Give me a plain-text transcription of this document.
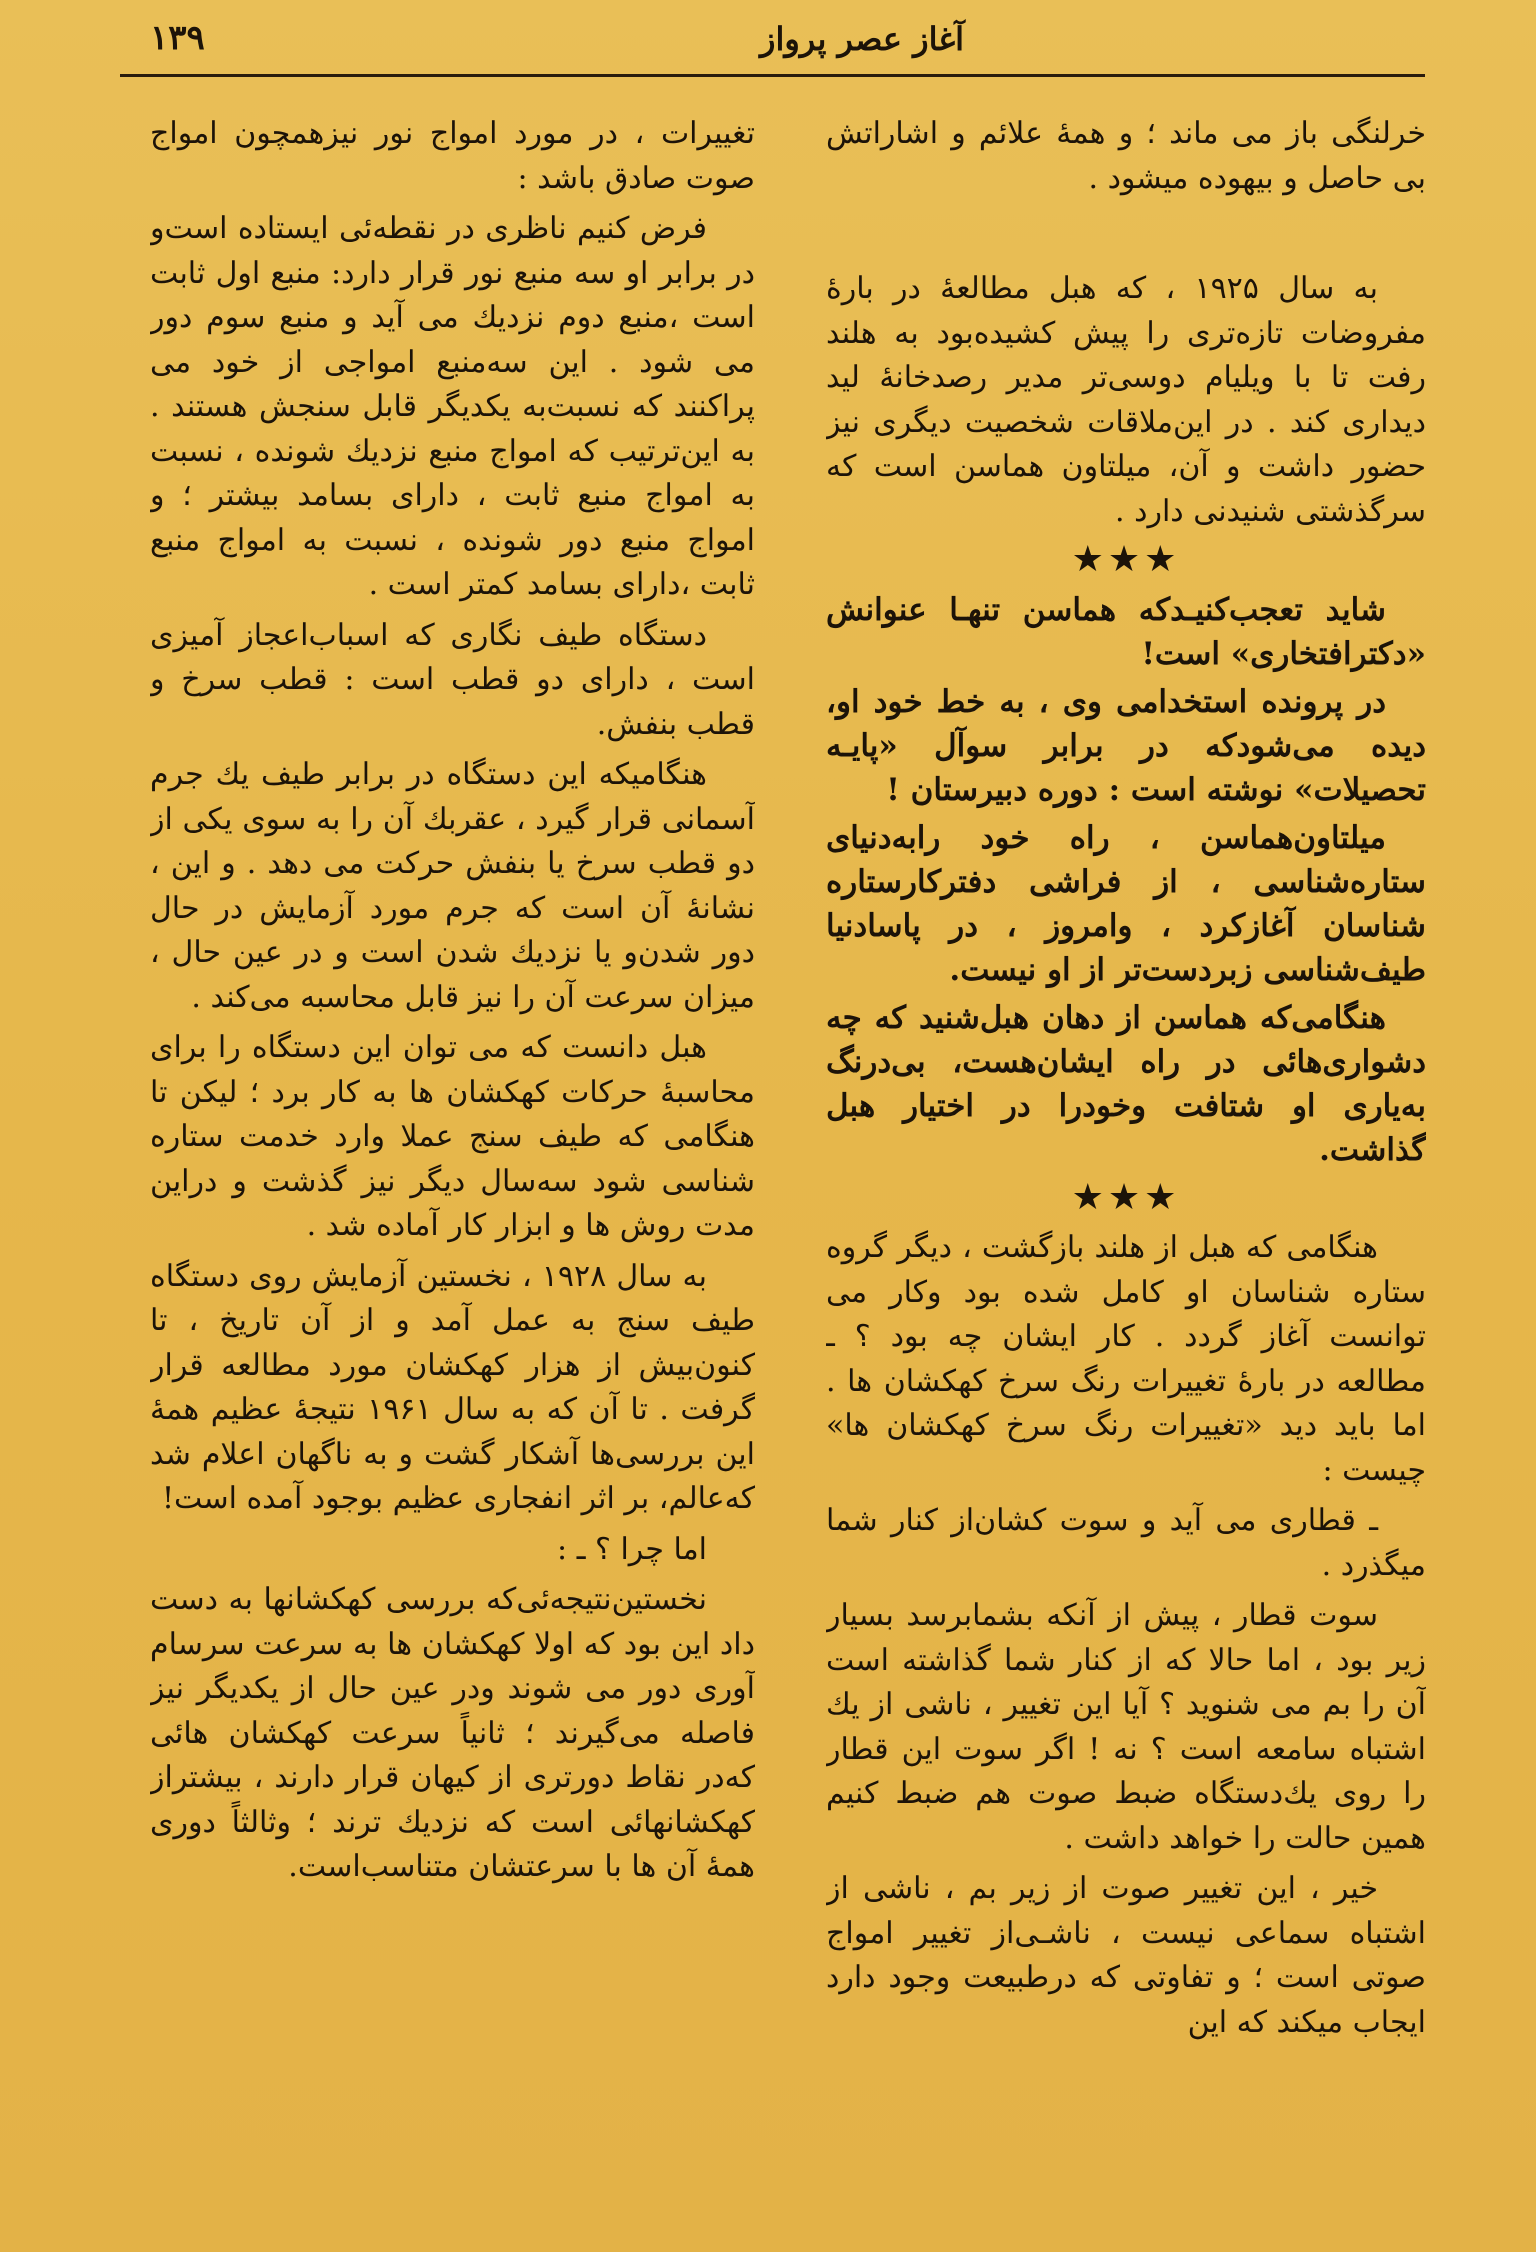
۱۳۹	آغاز عصر پرواز

خرلنگی باز می ماند ؛ و همهٔ علائم و اشاراتش بی حاصل و بیهوده میشود .

به سال ۱۹۲۵ ، که هبل مطالعهٔ در بارهٔ مفروضات تازه‌تری را پیش کشیده‌بود به هلند رفت تا با ویلیام دوسی‌تر مدیر رصدخانهٔ لید دیداری کند . در این‌ملاقات شخصیت دیگری نیز حضور داشت و آن، میلتاون هماسن است که سرگذشتی شنیدنی دارد .

★★★

شاید تعجب‌کنیـدکه هماسن تنهـا عنوانش «دکترافتخاری» است!

در پرونده استخدامی وی ، به خط خود او، دیده می‌شودکه در برابر سوآل «پایـه تحصیلات» نوشته است : دوره دبیرستان !

میلتاون‌هماسن ، راه خود رابه‌دنیای ستاره‌شناسی ، از فراشی دفترکارستاره شناسان آغازکرد ، وامروز ، در پاسادنیا طیف‌شناسی زبردست‌تر از او نیست.

هنگامی‌که هماسن از دهان هبل‌شنید که چه دشواری‌هائی در راه ایشان‌هست، بی‌درنگ به‌یاری او شتافت وخودرا در اختیار هبل گذاشت.

★★★

هنگامی که هبل از هلند بازگشت ، دیگر گروه ستاره شناسان او کامل شده بود وکار می توانست آغاز گردد . کار ایشان چه بود ؟ ـ مطالعه در بارهٔ تغییرات رنگ سرخ کهکشان ها . اما باید دید «تغییرات رنگ سرخ کهکشان ها» چیست :

ـ قطاری می آید و سوت کشان‌از کنار شما میگذرد .

سوت قطار ، پیش از آنکه بشمابرسد بسیار زیر بود ، اما حالا که از کنار شما گذاشته است آن را بم می شنوید ؟ آیا این تغییر ، ناشی از یك اشتباه سامعه است ؟ نه ! اگر سوت این قطار را روی یك‌دستگاه ضبط صوت هم ضبط کنیم همین حالت را خواهد داشت .

خیر ، این تغییر صوت از زیر بم ، ناشی از اشتباه سماعی نیست ، ناشـی‌از تغییر امواج صوتی است ؛ و تفاوتی که درطبیعت وجود دارد ایجاب میکند که این

تغییرات ، در مورد امواج نور نیزهمچون امواج صوت صادق باشد :

فرض کنیم ناظری در نقطه‌ئی ایستاده است‌و در برابر او سه منبع نور قرار دارد: منبع اول ثابت است ،منبع دوم نزدیك می آید و منبع سوم دور می شود . این سه‌منبع امواجی از خود می پراکنند که نسبت‌به یکدیگر قابل سنجش هستند . به این‌ترتیب که امواج منبع نزدیك شونده ، نسبت به امواج منبع ثابت ، دارای بسامد بیشتر ؛ و امواج منبع دور شونده ، نسبت به امواج منبع ثابت ،دارای بسامد کمتر است .

دستگاه طیف نگاری که اسباب‌اعجاز آمیزی است ، دارای دو قطب است : قطب سرخ و قطب بنفش.

هنگامیکه این دستگاه در برابر طیف یك جرم آسمانی قرار گیرد ، عقربك آن را به سوی یکی از دو قطب سرخ یا بنفش حرکت می دهد . و این ، نشانهٔ آن است که جرم مورد آزمایش در حال دور شدن‌و یا نزدیك شدن است و در عین حال ، میزان سرعت آن را نیز قابل محاسبه می‌کند .

هبل دانست که می توان این دستگاه را برای محاسبهٔ حرکات کهکشان ها به کار برد ؛ لیکن تا هنگامی که طیف سنج عملا وارد خدمت ستاره شناسی شود سه‌سال دیگر نیز گذشت و دراین مدت روش ها و ابزار کار آماده شد .

به سال ۱۹۲۸ ، نخستین آزمایش روی دستگاه طیف سنج به عمل آمد و از آن تاریخ ، تا کنون‌بیش از هزار کهکشان مورد مطالعه قرار گرفت . تا آن که به سال ۱۹۶۱ نتیجهٔ عظیم همهٔ این بررسی‌ها آشکار گشت و به ناگهان اعلام شد که‌عالم، بر اثر انفجاری عظیم بوجود آمده است!

اما چرا ؟ ـ :

نخستین‌نتیجه‌ئی‌که بررسی کهکشانها به دست داد این بود که اولا کهکشان ها به سرعت سرسام آوری دور می شوند ودر عین حال از یکدیگر نیز فاصله می‌گیرند ؛ ثانیاً سرعت کهکشان هائی که‌در نقاط دورتری از کیهان قرار دارند ، بیشتراز کهکشانهائی است که نزدیك ترند ؛ وثالثاً دوری همهٔ آن ها با سرعتشان متناسب‌است.
